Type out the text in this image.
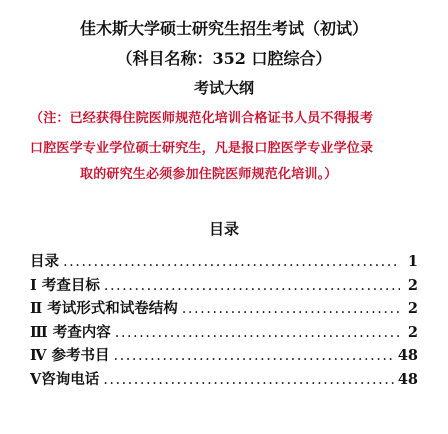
佳木斯大学硕士研究生招生考试（初试）
（科目名称：352 口腔综合）
考试大纲
（注：已经获得住院医师规范化培训合格证书人员不得报考
口腔医学专业学位硕士研究生，凡是报口腔医学专业学位录
取的研究生必须参加住院医师规范化培训。）
目录
目录 .....	1
Ⅰ 考查目标 .....	2
Ⅱ 考试形式和试卷结构 .....	2
Ⅲ 考查内容 .....	2
Ⅳ 参考书目 .....	48
Ⅴ咨询电话 .....	48
